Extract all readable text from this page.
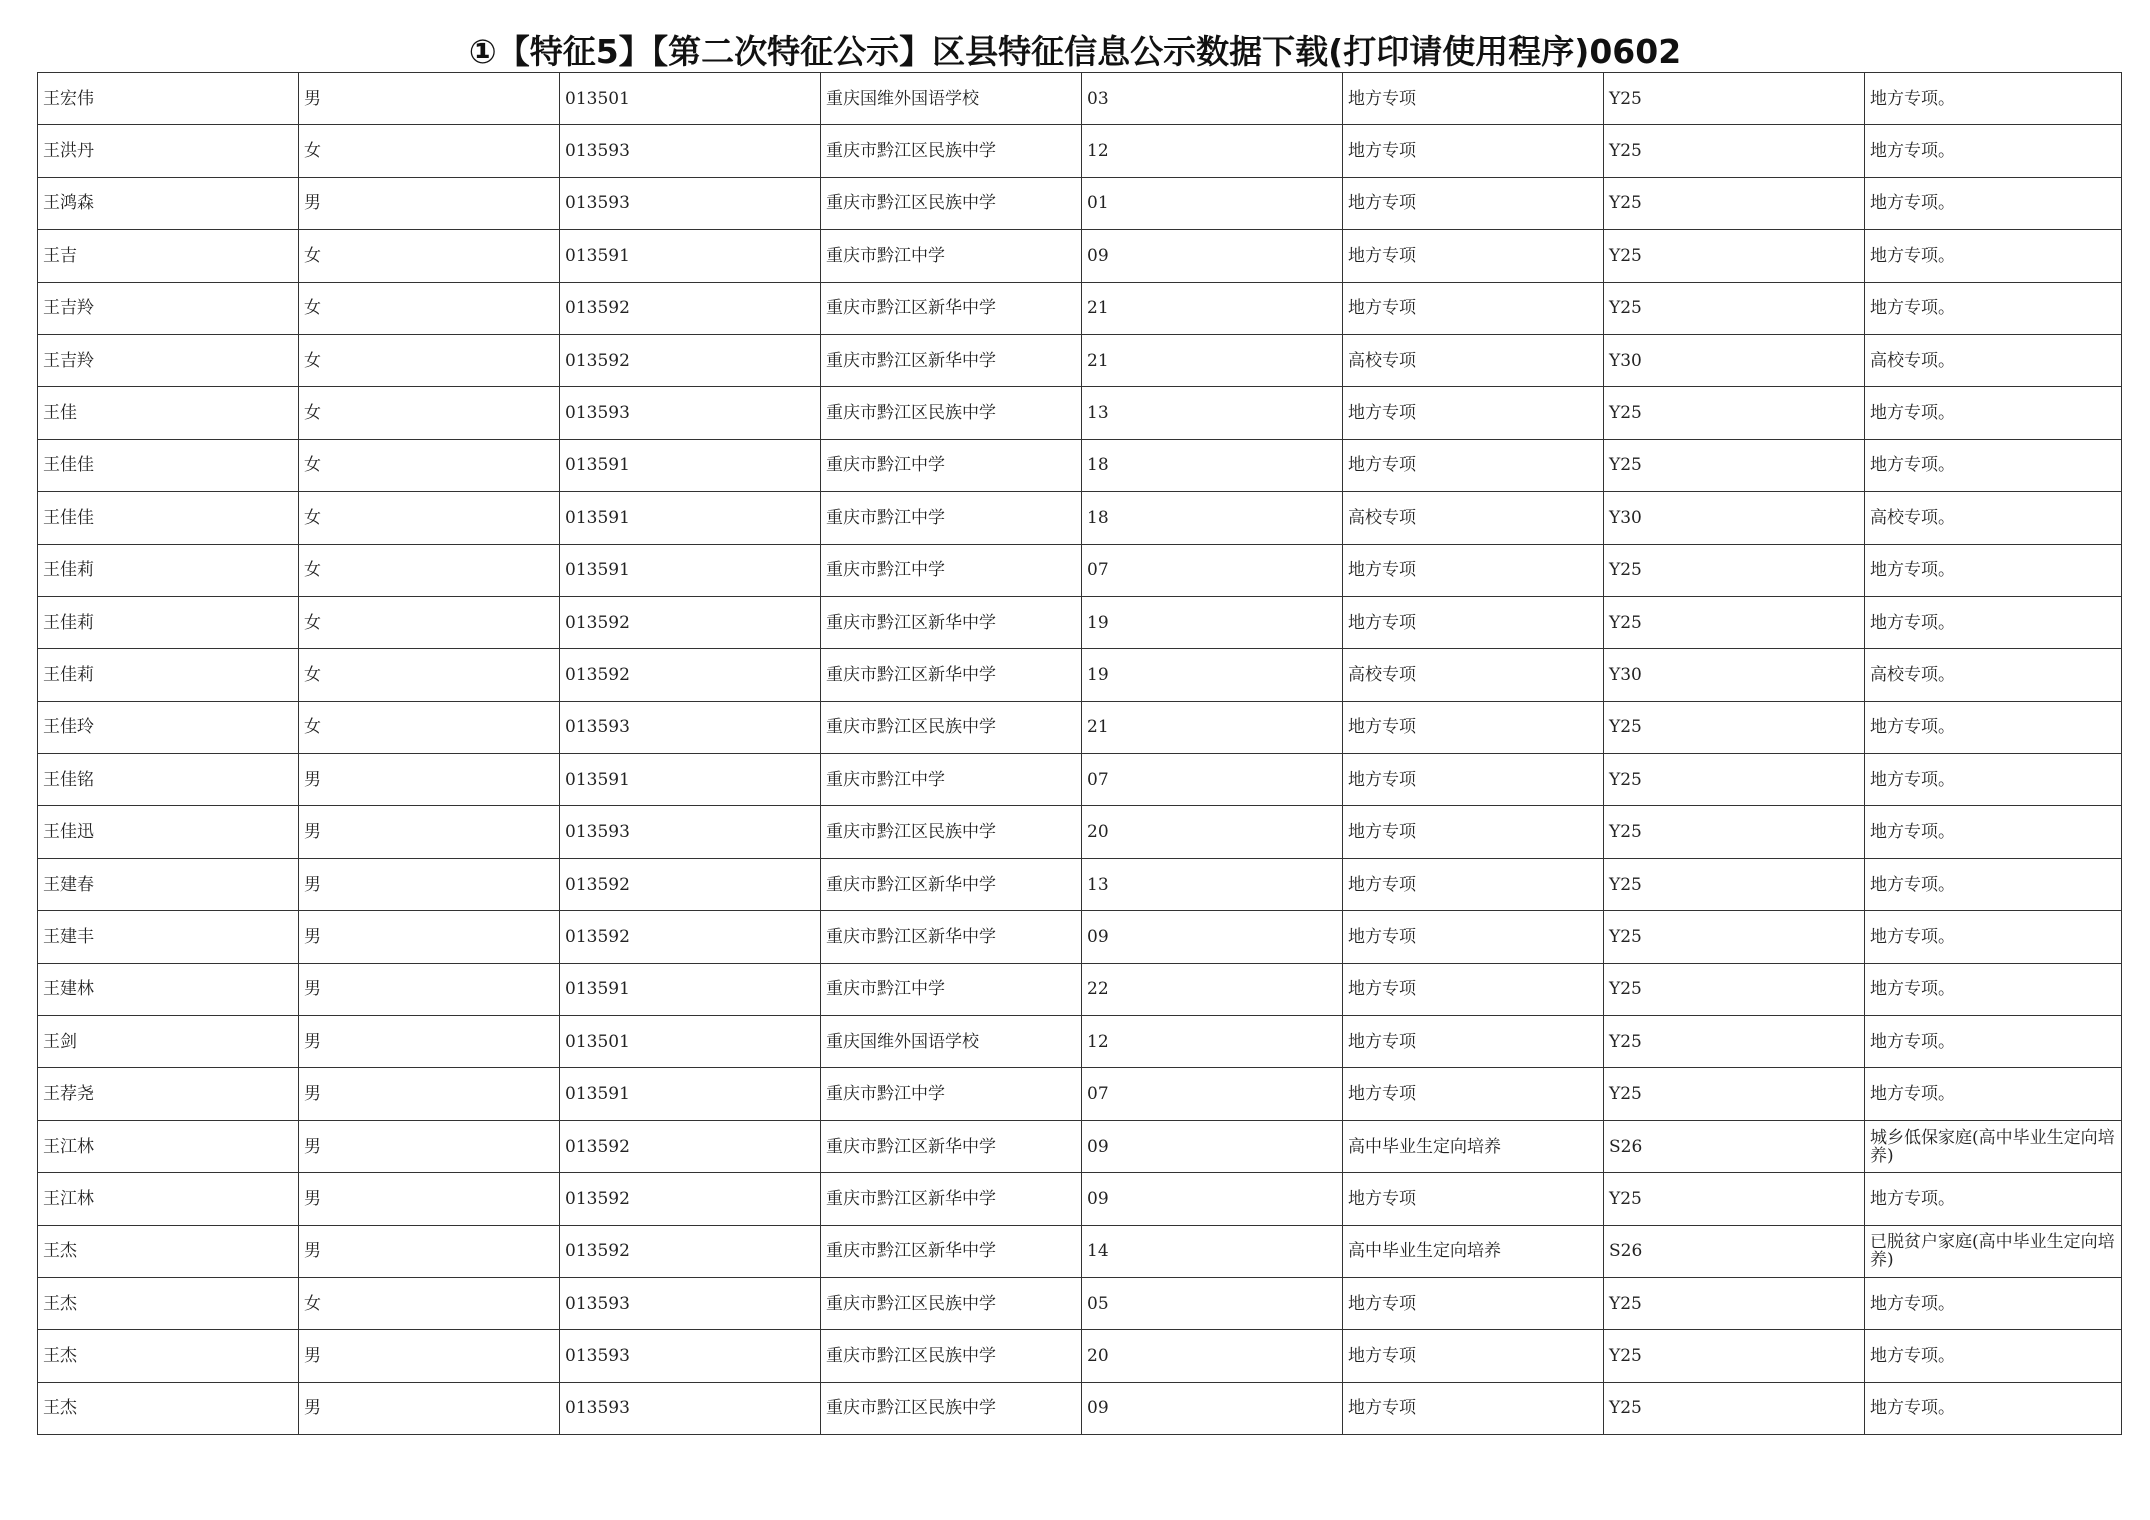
①【特征5】【第二次特征公示】区县特征信息公示数据下载(打印请使用程序)0602
王宏伟	男	013501	重庆国维外国语学校	03	地方专项	Y25	地方专项。
王洪丹	女	013593	重庆市黔江区民族中学	12	地方专项	Y25	地方专项。
王鸿森	男	013593	重庆市黔江区民族中学	01	地方专项	Y25	地方专项。
王吉	女	013591	重庆市黔江中学	09	地方专项	Y25	地方专项。
王吉羚	女	013592	重庆市黔江区新华中学	21	地方专项	Y25	地方专项。
王吉羚	女	013592	重庆市黔江区新华中学	21	高校专项	Y30	高校专项。
王佳	女	013593	重庆市黔江区民族中学	13	地方专项	Y25	地方专项。
王佳佳	女	013591	重庆市黔江中学	18	地方专项	Y25	地方专项。
王佳佳	女	013591	重庆市黔江中学	18	高校专项	Y30	高校专项。
王佳莉	女	013591	重庆市黔江中学	07	地方专项	Y25	地方专项。
王佳莉	女	013592	重庆市黔江区新华中学	19	地方专项	Y25	地方专项。
王佳莉	女	013592	重庆市黔江区新华中学	19	高校专项	Y30	高校专项。
王佳玲	女	013593	重庆市黔江区民族中学	21	地方专项	Y25	地方专项。
王佳铭	男	013591	重庆市黔江中学	07	地方专项	Y25	地方专项。
王佳迅	男	013593	重庆市黔江区民族中学	20	地方专项	Y25	地方专项。
王建春	男	013592	重庆市黔江区新华中学	13	地方专项	Y25	地方专项。
王建丰	男	013592	重庆市黔江区新华中学	09	地方专项	Y25	地方专项。
王建林	男	013591	重庆市黔江中学	22	地方专项	Y25	地方专项。
王剑	男	013501	重庆国维外国语学校	12	地方专项	Y25	地方专项。
王荐尧	男	013591	重庆市黔江中学	07	地方专项	Y25	地方专项。
王江林	男	013592	重庆市黔江区新华中学	09	高中毕业生定向培养	S26	城乡低保家庭(高中毕业生定向培养)
王江林	男	013592	重庆市黔江区新华中学	09	地方专项	Y25	地方专项。
王杰	男	013592	重庆市黔江区新华中学	14	高中毕业生定向培养	S26	已脱贫户家庭(高中毕业生定向培养)
王杰	女	013593	重庆市黔江区民族中学	05	地方专项	Y25	地方专项。
王杰	男	013593	重庆市黔江区民族中学	20	地方专项	Y25	地方专项。
王杰	男	013593	重庆市黔江区民族中学	09	地方专项	Y25	地方专项。
